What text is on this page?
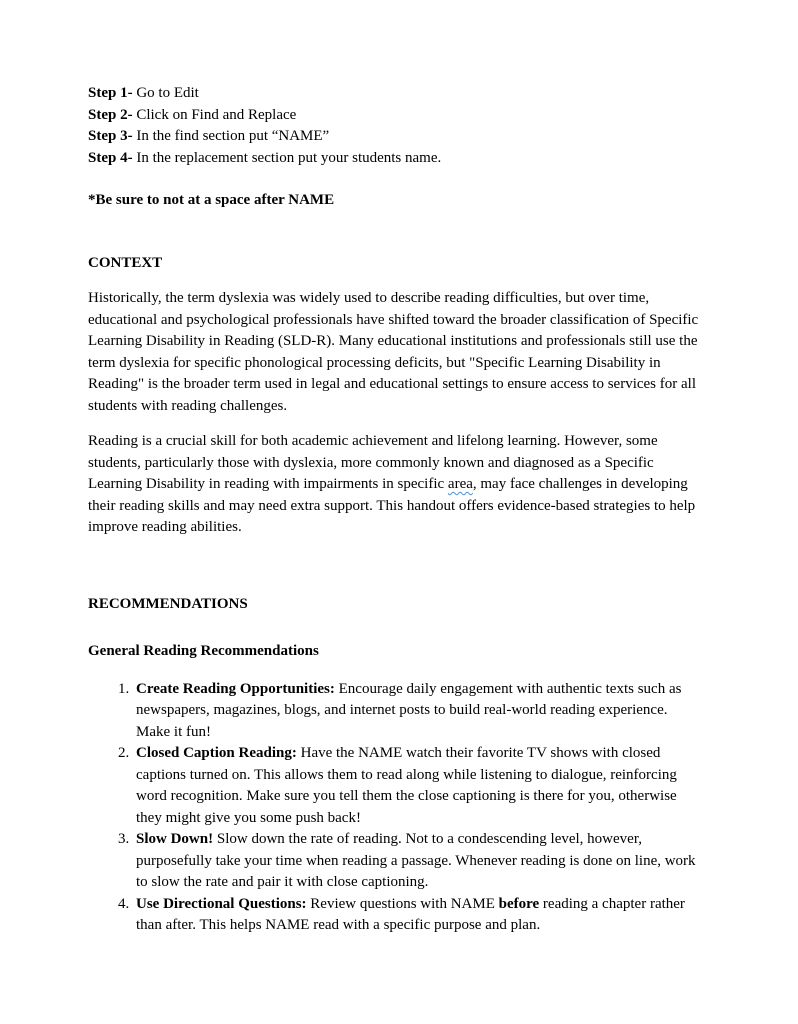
Step 1- Go to Edit
Step 2- Click on Find and Replace
Step 3- In the find section put “NAME”
Step 4- In the replacement section put your students name.
*Be sure to not at a space after NAME
CONTEXT
Historically, the term dyslexia was widely used to describe reading difficulties, but over time, educational and psychological professionals have shifted toward the broader classification of Specific Learning Disability in Reading (SLD-R). Many educational institutions and professionals still use the term dyslexia for specific phonological processing deficits, but "Specific Learning Disability in Reading" is the broader term used in legal and educational settings to ensure access to services for all students with reading challenges.
Reading is a crucial skill for both academic achievement and lifelong learning. However, some students, particularly those with dyslexia, more commonly known and diagnosed as a Specific Learning Disability in reading with impairments in specific area, may face challenges in developing their reading skills and may need extra support. This handout offers evidence-based strategies to help improve reading abilities.
RECOMMENDATIONS
General Reading Recommendations
1. Create Reading Opportunities: Encourage daily engagement with authentic texts such as newspapers, magazines, blogs, and internet posts to build real-world reading experience. Make it fun!
2. Closed Caption Reading: Have the NAME watch their favorite TV shows with closed captions turned on. This allows them to read along while listening to dialogue, reinforcing word recognition. Make sure you tell them the close captioning is there for you, otherwise they might give you some push back!
3. Slow Down! Slow down the rate of reading. Not to a condescending level, however, purposefully take your time when reading a passage. Whenever reading is done on line, work to slow the rate and pair it with close captioning.
4. Use Directional Questions: Review questions with NAME before reading a chapter rather than after. This helps NAME read with a specific purpose and plan.
